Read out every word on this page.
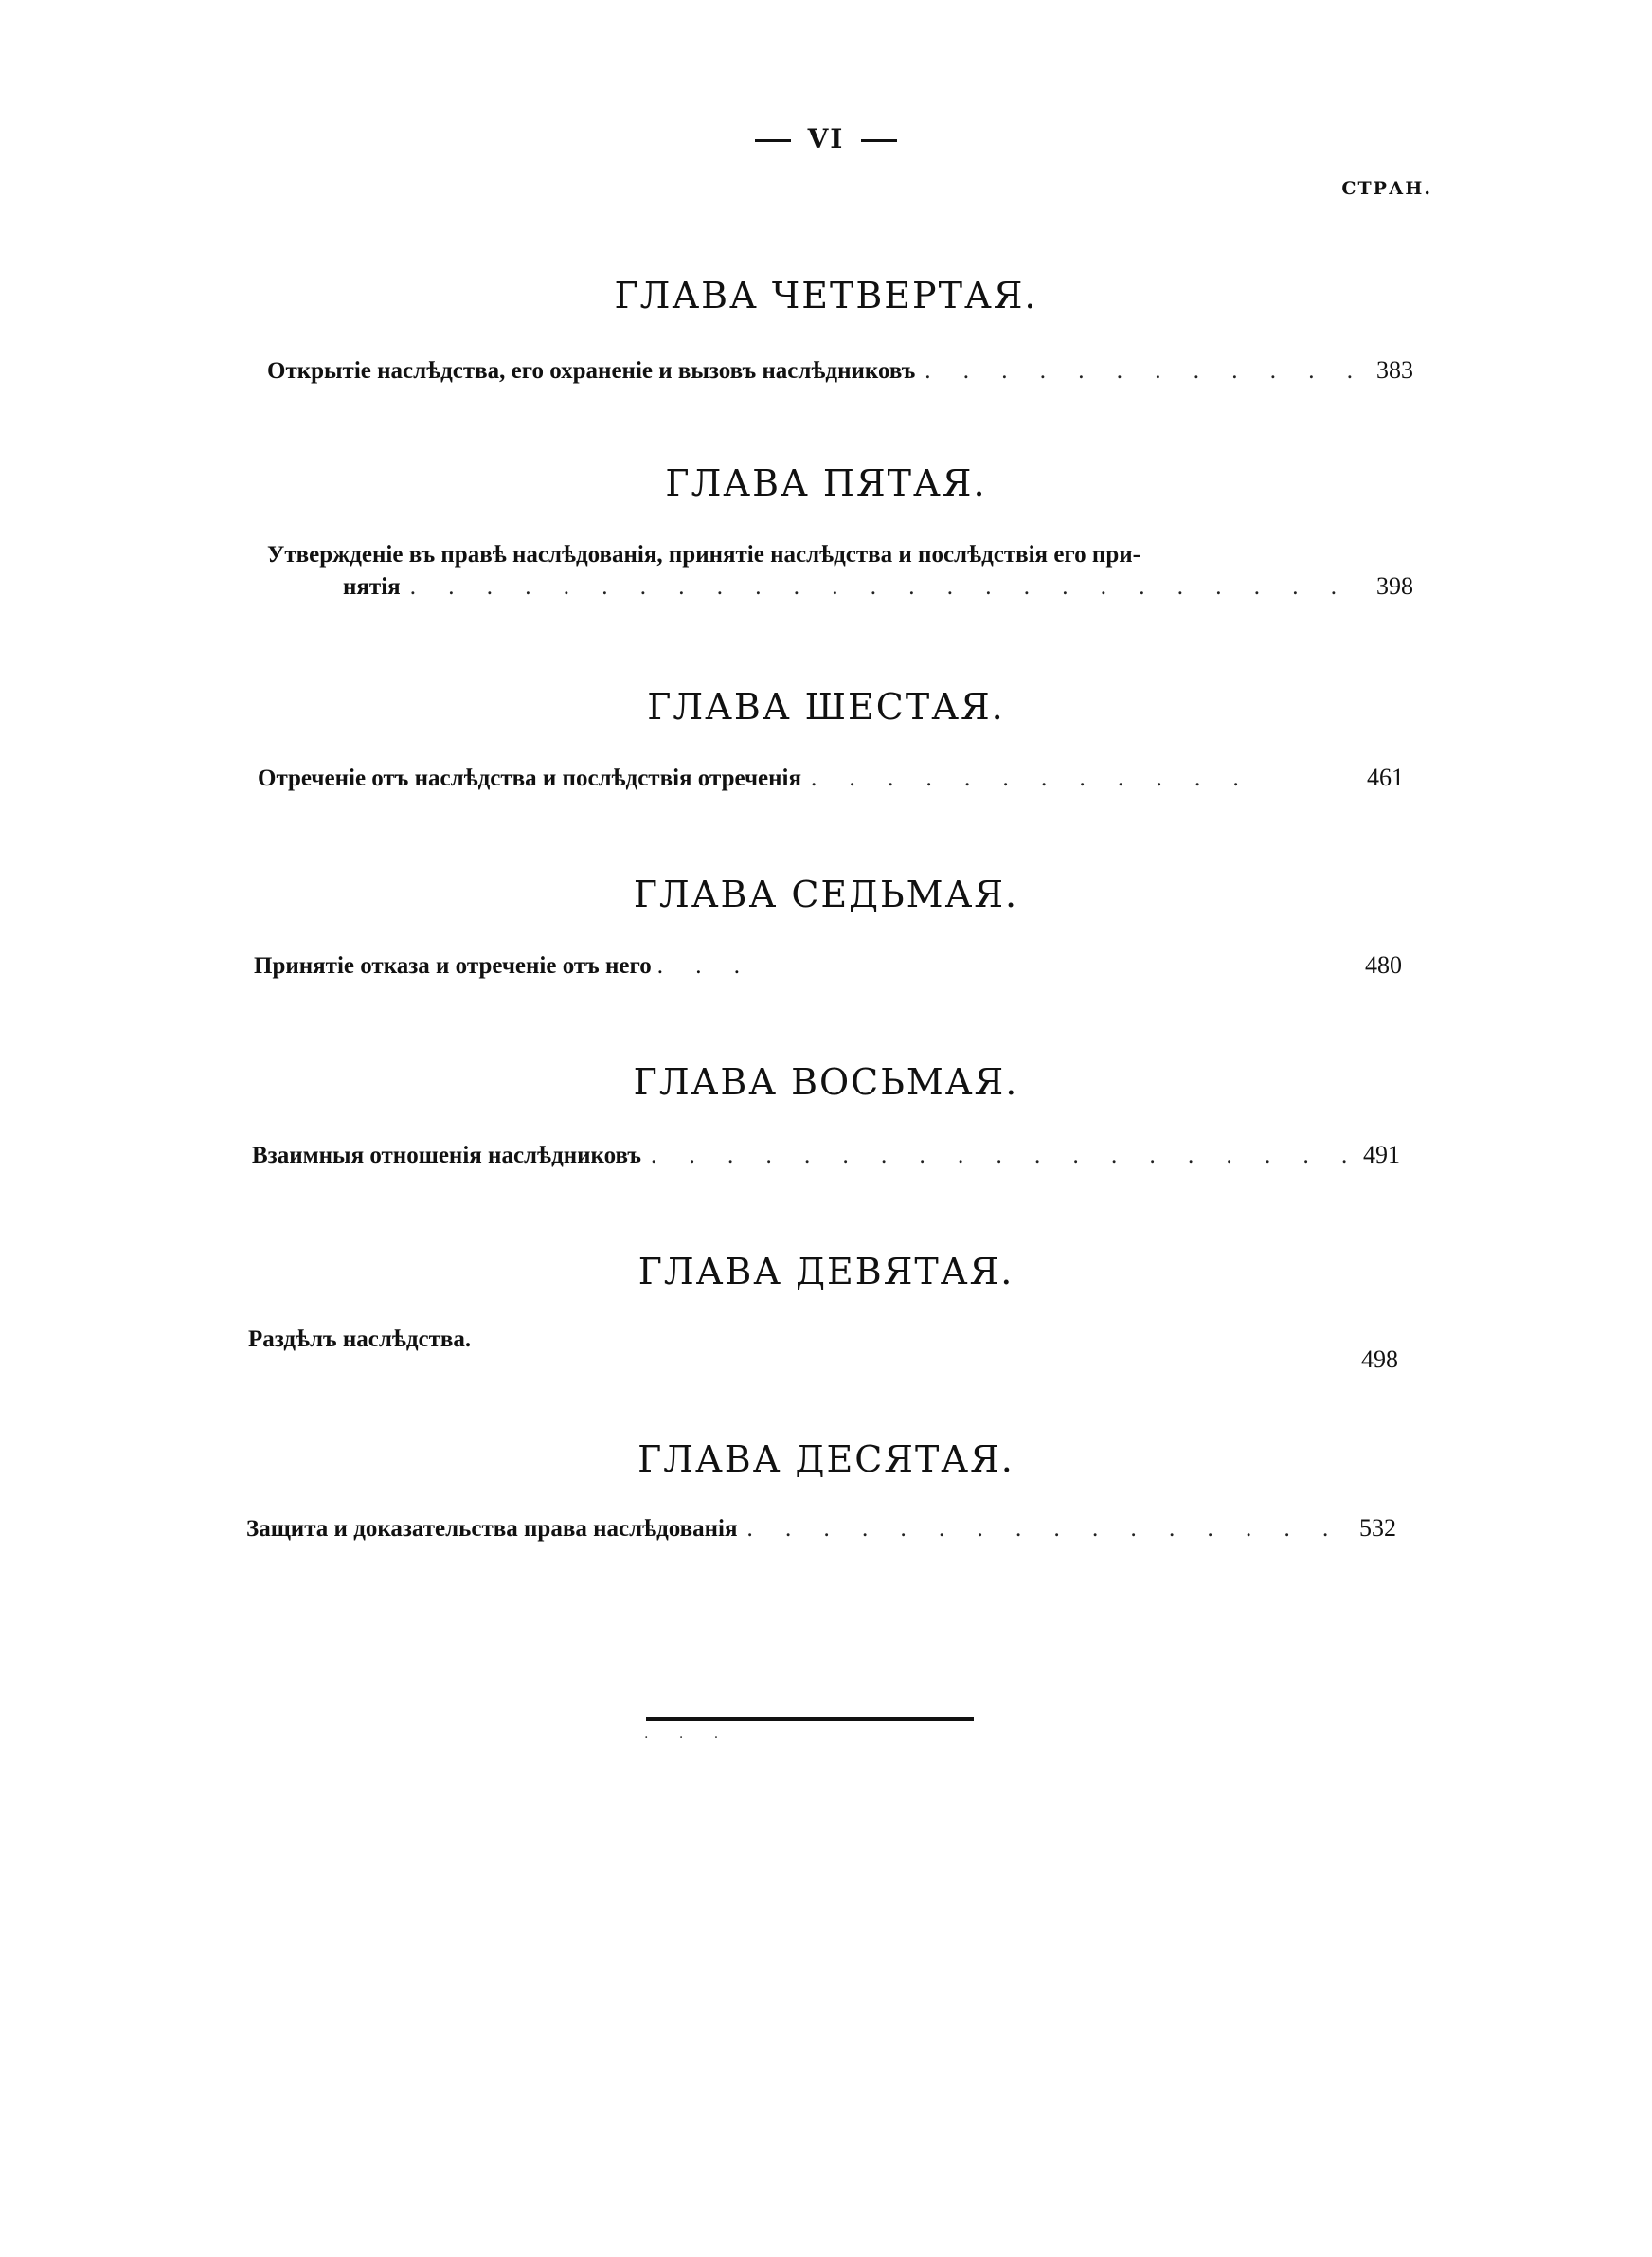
VI
СТРАН.
ГЛАВА ЧЕТВЕРТАЯ.
Открытіе наслѣдства, его охраненіе и вызовъ наслѣдниковъ . . .	383
ГЛАВА ПЯТАЯ.
Утвержденіе въ правѣ наслѣдованія, принятіе наслѣдства и послѣдствія его при-
нятія . . .	398
ГЛАВА ШЕСТАЯ.
Отреченіе отъ наслѣдства и послѣдствія отреченія . . .	461
ГЛАВА СЕДЬМАЯ.
Принятіе отказа и отреченіе отъ него . . .	480
ГЛАВА ВОСЬМАЯ.
Взаимныя отношенія наслѣдниковъ . . .	491
ГЛАВА ДЕВЯТАЯ.
Раздѣлъ наслѣдства.
498
ГЛАВА ДЕСЯТАЯ.
Защита и доказательства права наслѣдованія . . .	532
. . .
